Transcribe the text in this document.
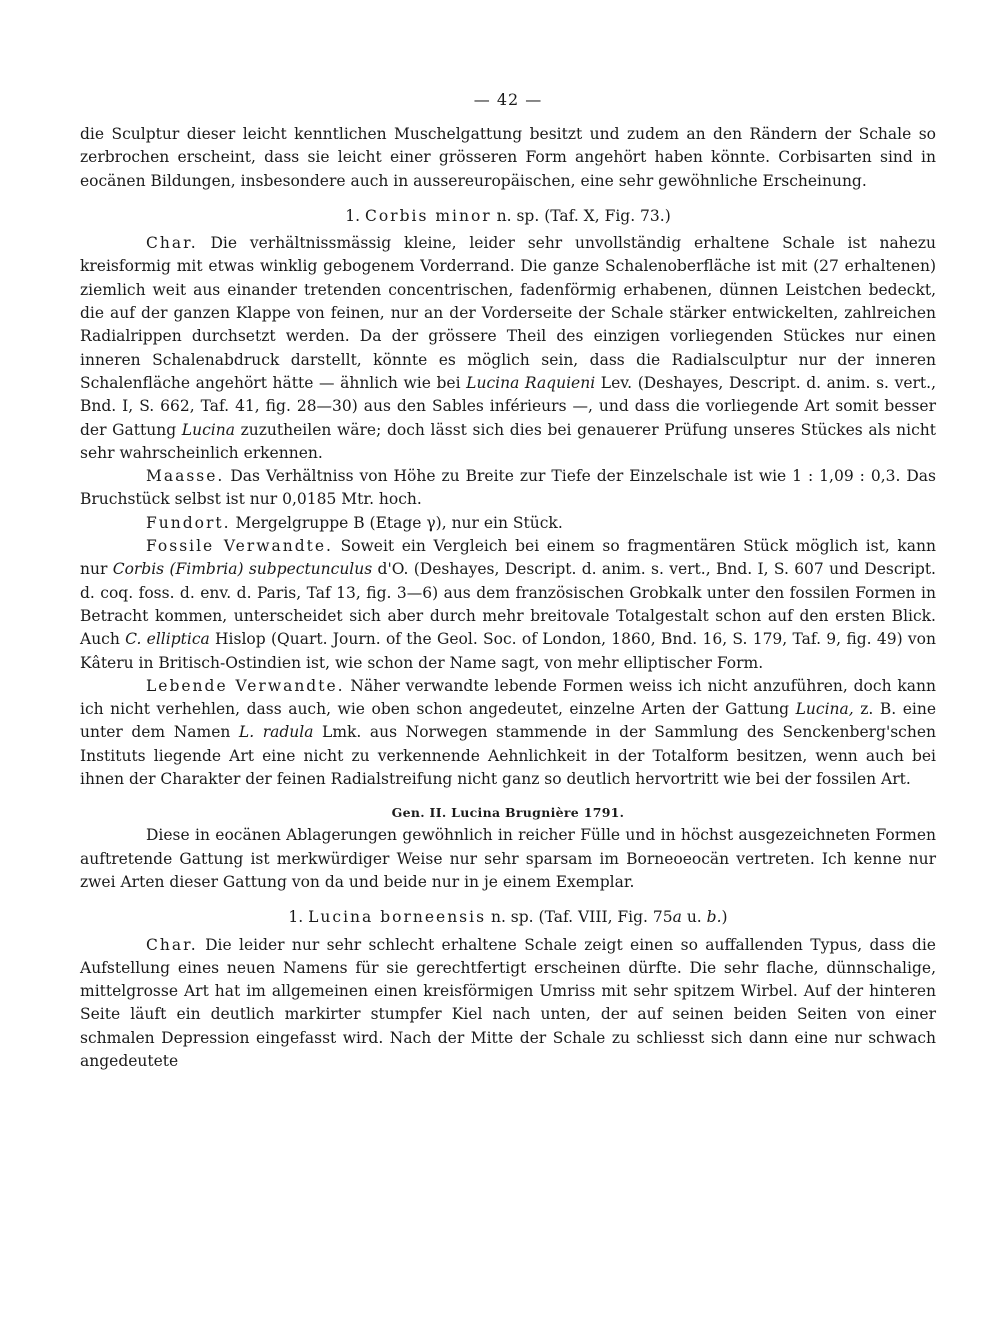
— 42 —

die Sculptur dieser leicht kenntlichen Muschelgattung besitzt und zudem an den Rändern der Schale so zerbrochen erscheint, dass sie leicht einer grösseren Form angehört haben könnte. Corbisarten sind in eocänen Bildungen, insbesondere auch in aussereuropäischen, eine sehr gewöhnliche Erscheinung.

1. Corbis minor n. sp. (Taf. X, Fig. 73.)

Char. Die verhältnissmässig kleine, leider sehr unvollständig erhaltene Schale ist nahezu kreisformig mit etwas winklig gebogenem Vorderrand. Die ganze Schalenoberfläche ist mit (27 erhaltenen) ziemlich weit aus einander tretenden concentrischen, fadenförmig erhabenen, dünnen Leistchen bedeckt, die auf der ganzen Klappe von feinen, nur an der Vorderseite der Schale stärker entwickelten, zahlreichen Radialrippen durchsetzt werden. Da der grössere Theil des einzigen vorliegenden Stückes nur einen inneren Schalenabdruck darstellt, könnte es möglich sein, dass die Radialsculptur nur der inneren Schalenfläche angehört hätte — ähnlich wie bei Lucina Raquieni Lev. (Deshayes, Descript. d. anim. s. vert., Bnd. I, S. 662, Taf. 41, fig. 28—30) aus den Sables inférieurs —, und dass die vorliegende Art somit besser der Gattung Lucina zuzutheilen wäre; doch lässt sich dies bei genauerer Prüfung unseres Stückes als nicht sehr wahrscheinlich erkennen.

Maasse. Das Verhältniss von Höhe zu Breite zur Tiefe der Einzelschale ist wie 1 : 1,09 : 0,3. Das Bruchstück selbst ist nur 0,0185 Mtr. hoch.

Fundort. Mergelgruppe B (Etage γ), nur ein Stück.

Fossile Verwandte. Soweit ein Vergleich bei einem so fragmentären Stück möglich ist, kann nur Corbis (Fimbria) subpectunculus d'O. (Deshayes, Descript. d. anim. s. vert., Bnd. I, S. 607 und Descript. d. coq. foss. d. env. d. Paris, Taf 13, fig. 3—6) aus dem französischen Grobkalk unter den fossilen Formen in Betracht kommen, unterscheidet sich aber durch mehr breitovale Totalgestalt schon auf den ersten Blick. Auch C. elliptica Hislop (Quart. Journ. of the Geol. Soc. of London, 1860, Bnd. 16, S. 179, Taf. 9, fig. 49) von Kâteru in Britisch-Ostindien ist, wie schon der Name sagt, von mehr elliptischer Form.

Lebende Verwandte. Näher verwandte lebende Formen weiss ich nicht anzuführen, doch kann ich nicht verhehlen, dass auch, wie oben schon angedeutet, einzelne Arten der Gattung Lucina, z. B. eine unter dem Namen L. radula Lmk. aus Norwegen stammende in der Sammlung des Senckenberg'schen Instituts liegende Art eine nicht zu verkennende Aehnlichkeit in der Totalform besitzen, wenn auch bei ihnen der Charakter der feinen Radialstreifung nicht ganz so deutlich hervortritt wie bei der fossilen Art.

Gen. II. Lucina Brugnière 1791.

Diese in eocänen Ablagerungen gewöhnlich in reicher Fülle und in höchst ausgezeichneten Formen auftretende Gattung ist merkwürdiger Weise nur sehr sparsam im Borneoeocän vertreten. Ich kenne nur zwei Arten dieser Gattung von da und beide nur in je einem Exemplar.

1. Lucina borneensis n. sp. (Taf. VIII, Fig. 75a u. b.)

Char. Die leider nur sehr schlecht erhaltene Schale zeigt einen so auffallenden Typus, dass die Aufstellung eines neuen Namens für sie gerechtfertigt erscheinen dürfte. Die sehr flache, dünnschalige, mittelgrosse Art hat im allgemeinen einen kreisförmigen Umriss mit sehr spitzem Wirbel. Auf der hinteren Seite läuft ein deutlich markirter stumpfer Kiel nach unten, der auf seinen beiden Seiten von einer schmalen Depression eingefasst wird. Nach der Mitte der Schale zu schliesst sich dann eine nur schwach angedeutete
